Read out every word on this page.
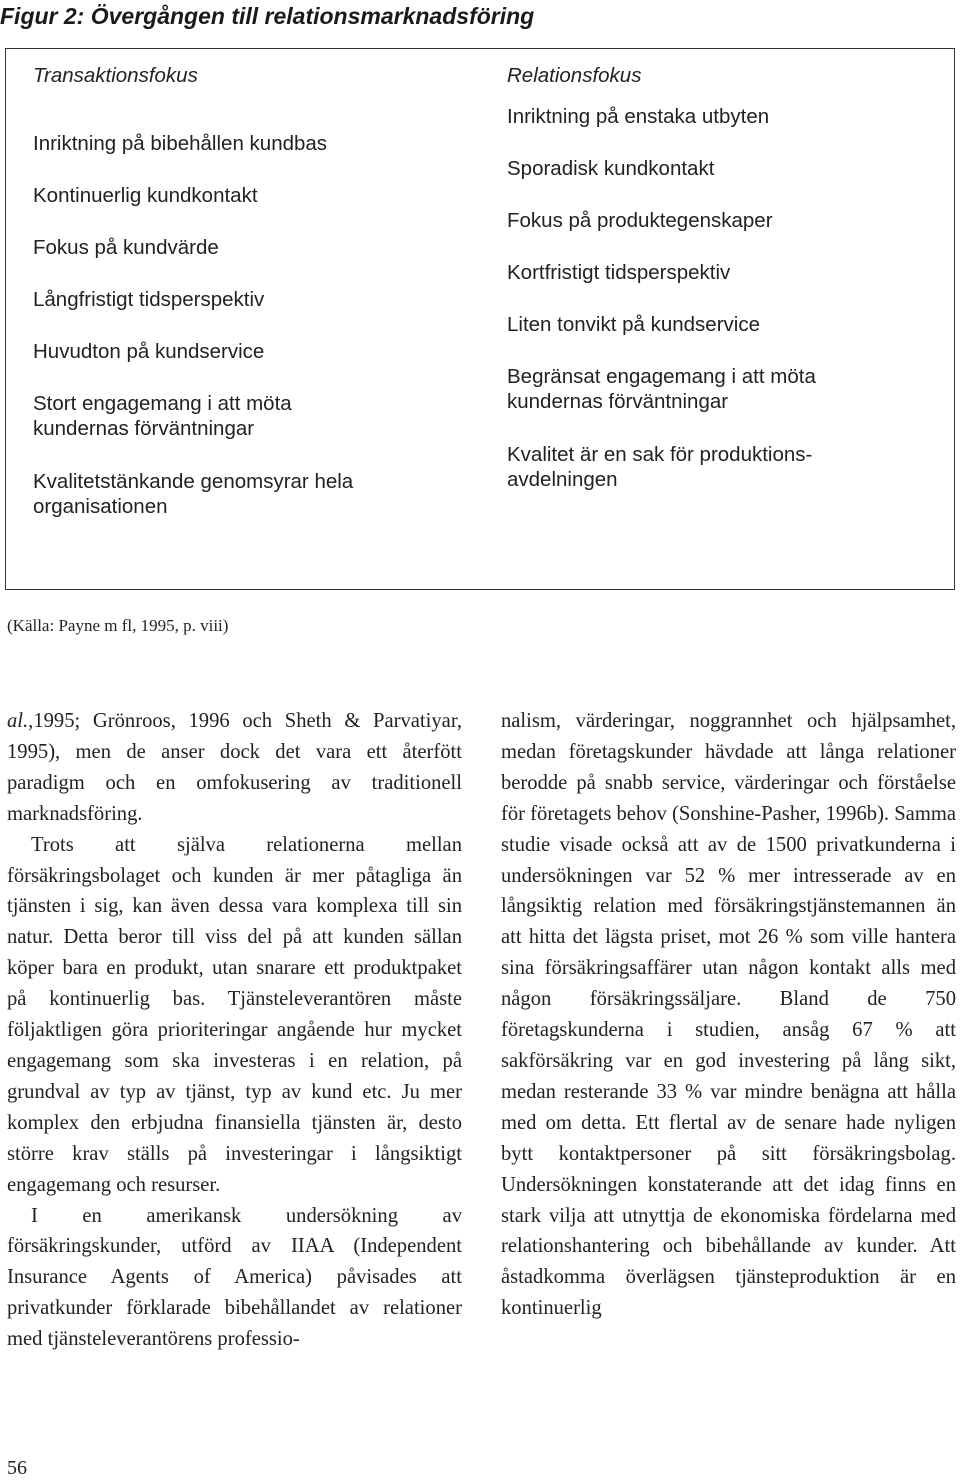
Figur 2: Övergången till relationsmarknadsföring

Transaktionsfokus

Inriktning på bibehållen kundbas

Kontinuerlig kundkontakt

Fokus på kundvärde

Långfristigt tidsperspektiv

Huvudton på kundservice

Stort engagemang i att möta kundernas förväntningar

Kvalitetstänkande genomsyrar hela organisationen

Relationsfokus

Inriktning på enstaka utbyten

Sporadisk kundkontakt

Fokus på produktegenskaper

Kortfristigt tidsperspektiv

Liten tonvikt på kundservice

Begränsat engagemang i att möta kundernas förväntningar

Kvalitet är en sak för produktions-avdelningen

(Källa: Payne m fl, 1995, p. viii)

al.,1995; Grönroos, 1996 och Sheth & Parvatiyar, 1995), men de anser dock det vara ett återfött paradigm och en omfokusering av traditionell marknadsföring.

Trots att själva relationerna mellan försäkringsbolaget och kunden är mer påtagliga än tjänsten i sig, kan även dessa vara komplexa till sin natur. Detta beror till viss del på att kunden sällan köper bara en produkt, utan snarare ett produktpaket på kontinuerlig bas. Tjänsteleverantören måste följaktligen göra prioriteringar angående hur mycket engagemang som ska investeras i en relation, på grundval av typ av tjänst, typ av kund etc. Ju mer komplex den erbjudna finansiella tjänsten är, desto större krav ställs på investeringar i långsiktigt engagemang och resurser.

I en amerikansk undersökning av försäkringskunder, utförd av IIAA (Independent Insurance Agents of America) påvisades att privatkunder förklarade bibehållandet av relationer med tjänsteleverantörens professio-

nalism, värderingar, noggrannhet och hjälpsamhet, medan företagskunder hävdade att långa relationer berodde på snabb service, värderingar och förståelse för företagets behov (Sonshine-Pasher, 1996b). Samma studie visade också att av de 1500 privatkunderna i undersökningen var 52 % mer intresserade av en långsiktig relation med försäkringstjänstemannen än att hitta det lägsta priset, mot 26 % som ville hantera sina försäkringsaffärer utan någon kontakt alls med någon försäkringssäljare. Bland de 750 företagskunderna i studien, ansåg 67 % att sakförsäkring var en god investering på lång sikt, medan resterande 33 % var mindre benägna att hålla med om detta. Ett flertal av de senare hade nyligen bytt kontaktpersoner på sitt försäkringsbolag. Undersökningen konstaterande att det idag finns en stark vilja att utnyttja de ekonomiska fördelarna med relationshantering och bibehållande av kunder. Att åstadkomma överlägsen tjänsteproduktion är en kontinuerlig

56
